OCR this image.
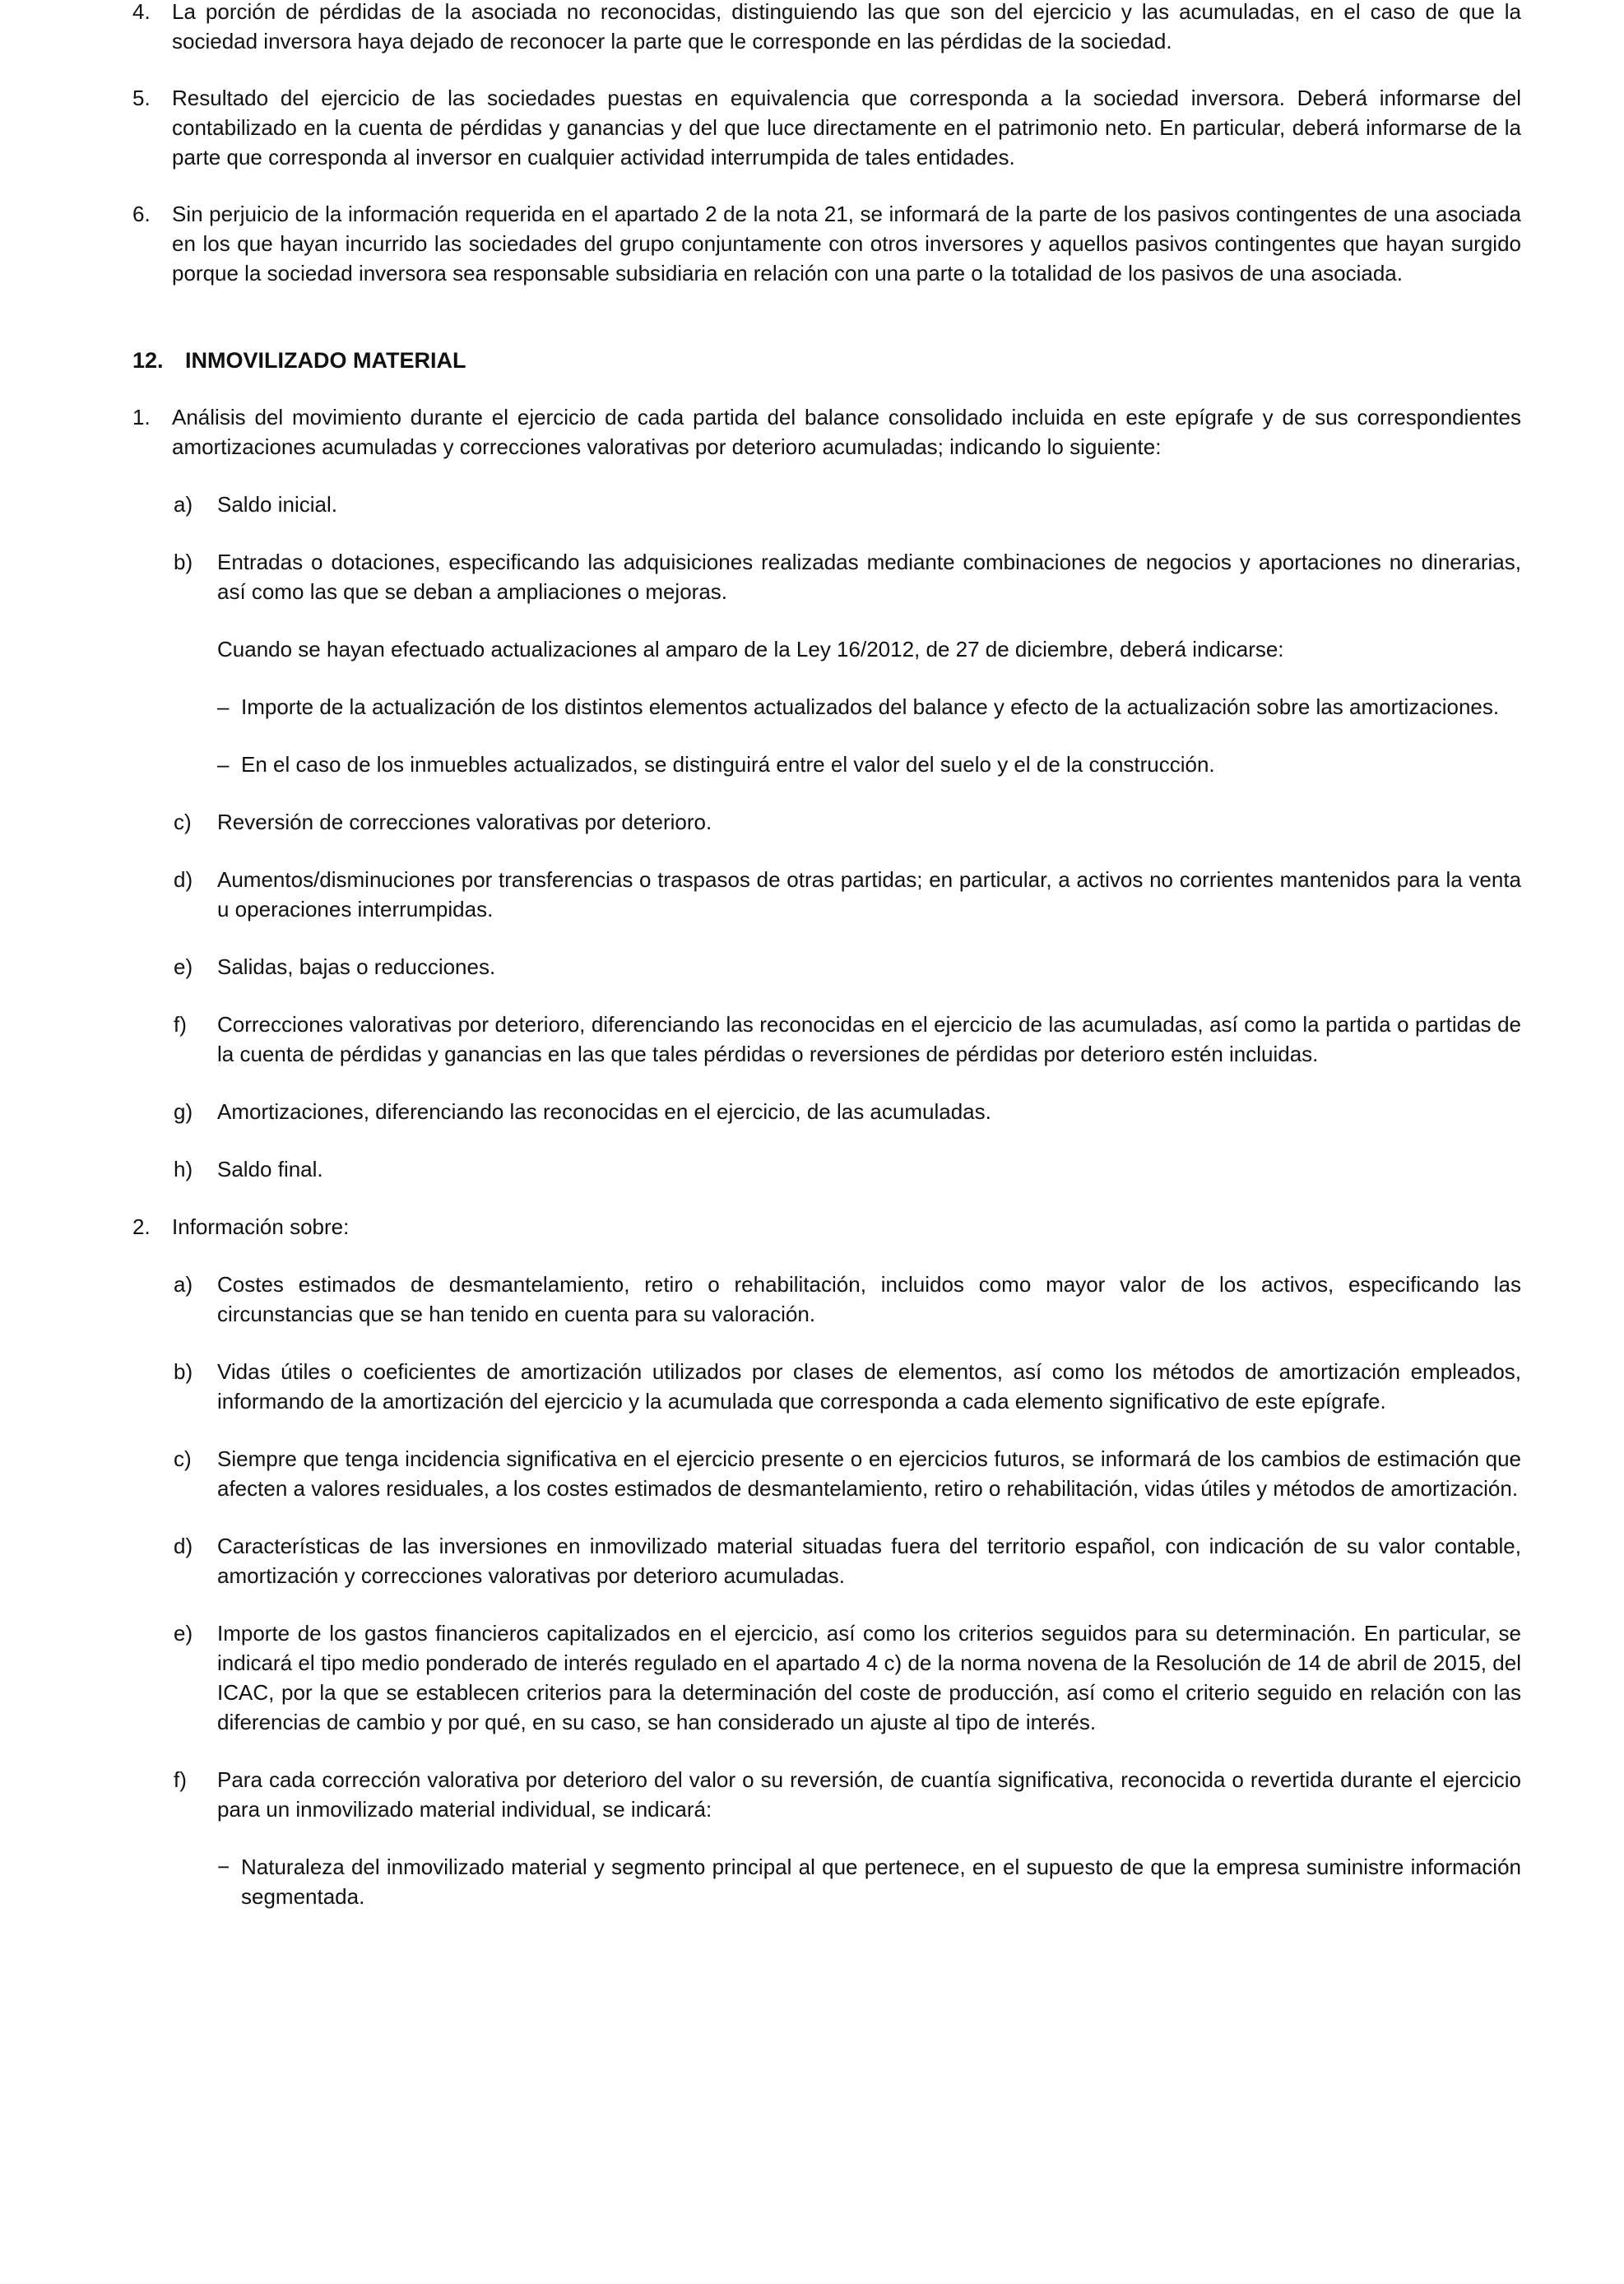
4. La porción de pérdidas de la asociada no reconocidas, distinguiendo las que son del ejercicio y las acumuladas, en el caso de que la sociedad inversora haya dejado de reconocer la parte que le corresponde en las pérdidas de la sociedad.

5. Resultado del ejercicio de las sociedades puestas en equivalencia que corresponda a la sociedad inversora. Deberá informarse del contabilizado en la cuenta de pérdidas y ganancias y del que luce directamente en el patrimonio neto. En particular, deberá informarse de la parte que corresponda al inversor en cualquier actividad interrumpida de tales entidades.

6. Sin perjuicio de la información requerida en el apartado 2 de la nota 21, se informará de la parte de los pasivos contingentes de una asociada en los que hayan incurrido las sociedades del grupo conjuntamente con otros inversores y aquellos pasivos contingentes que hayan surgido porque la sociedad inversora sea responsable subsidiaria en relación con una parte o la totalidad de los pasivos de una asociada.

12. INMOVILIZADO MATERIAL
1. Análisis del movimiento durante el ejercicio de cada partida del balance consolidado incluida en este epígrafe y de sus correspondientes amortizaciones acumuladas y correcciones valorativas por deterioro acumuladas; indicando lo siguiente:

a) Saldo inicial.

b) Entradas o dotaciones, especificando las adquisiciones realizadas mediante combinaciones de negocios y aportaciones no dinerarias, así como las que se deban a ampliaciones o mejoras.

Cuando se hayan efectuado actualizaciones al amparo de la Ley 16/2012, de 27 de diciembre, deberá indicarse:

– Importe de la actualización de los distintos elementos actualizados del balance y efecto de la actualización sobre las amortizaciones.

– En el caso de los inmuebles actualizados, se distinguirá entre el valor del suelo y el de la construcción.

c) Reversión de correcciones valorativas por deterioro.

d) Aumentos/disminuciones por transferencias o traspasos de otras partidas; en particular, a activos no corrientes mantenidos para la venta u operaciones interrumpidas.

e) Salidas, bajas o reducciones.

f) Correcciones valorativas por deterioro, diferenciando las reconocidas en el ejercicio de las acumuladas, así como la partida o partidas de la cuenta de pérdidas y ganancias en las que tales pérdidas o reversiones de pérdidas por deterioro estén incluidas.

g) Amortizaciones, diferenciando las reconocidas en el ejercicio, de las acumuladas.

h) Saldo final.

2. Información sobre:

a) Costes estimados de desmantelamiento, retiro o rehabilitación, incluidos como mayor valor de los activos, especificando las circunstancias que se han tenido en cuenta para su valoración.

b) Vidas útiles o coeficientes de amortización utilizados por clases de elementos, así como los métodos de amortización empleados, informando de la amortización del ejercicio y la acumulada que corresponda a cada elemento significativo de este epígrafe.

c) Siempre que tenga incidencia significativa en el ejercicio presente o en ejercicios futuros, se informará de los cambios de estimación que afecten a valores residuales, a los costes estimados de desmantelamiento, retiro o rehabilitación, vidas útiles y métodos de amortización.

d) Características de las inversiones en inmovilizado material situadas fuera del territorio español, con indicación de su valor contable, amortización y correcciones valorativas por deterioro acumuladas.

e) Importe de los gastos financieros capitalizados en el ejercicio, así como los criterios seguidos para su determinación. En particular, se indicará el tipo medio ponderado de interés regulado en el apartado 4 c) de la norma novena de la Resolución de 14 de abril de 2015, del ICAC, por la que se establecen criterios para la determinación del coste de producción, así como el criterio seguido en relación con las diferencias de cambio y por qué, en su caso, se han considerado un ajuste al tipo de interés.

f) Para cada corrección valorativa por deterioro del valor o su reversión, de cuantía significativa, reconocida o revertida durante el ejercicio para un inmovilizado material individual, se indicará:

− Naturaleza del inmovilizado material y segmento principal al que pertenece, en el supuesto de que la empresa suministre información segmentada.
